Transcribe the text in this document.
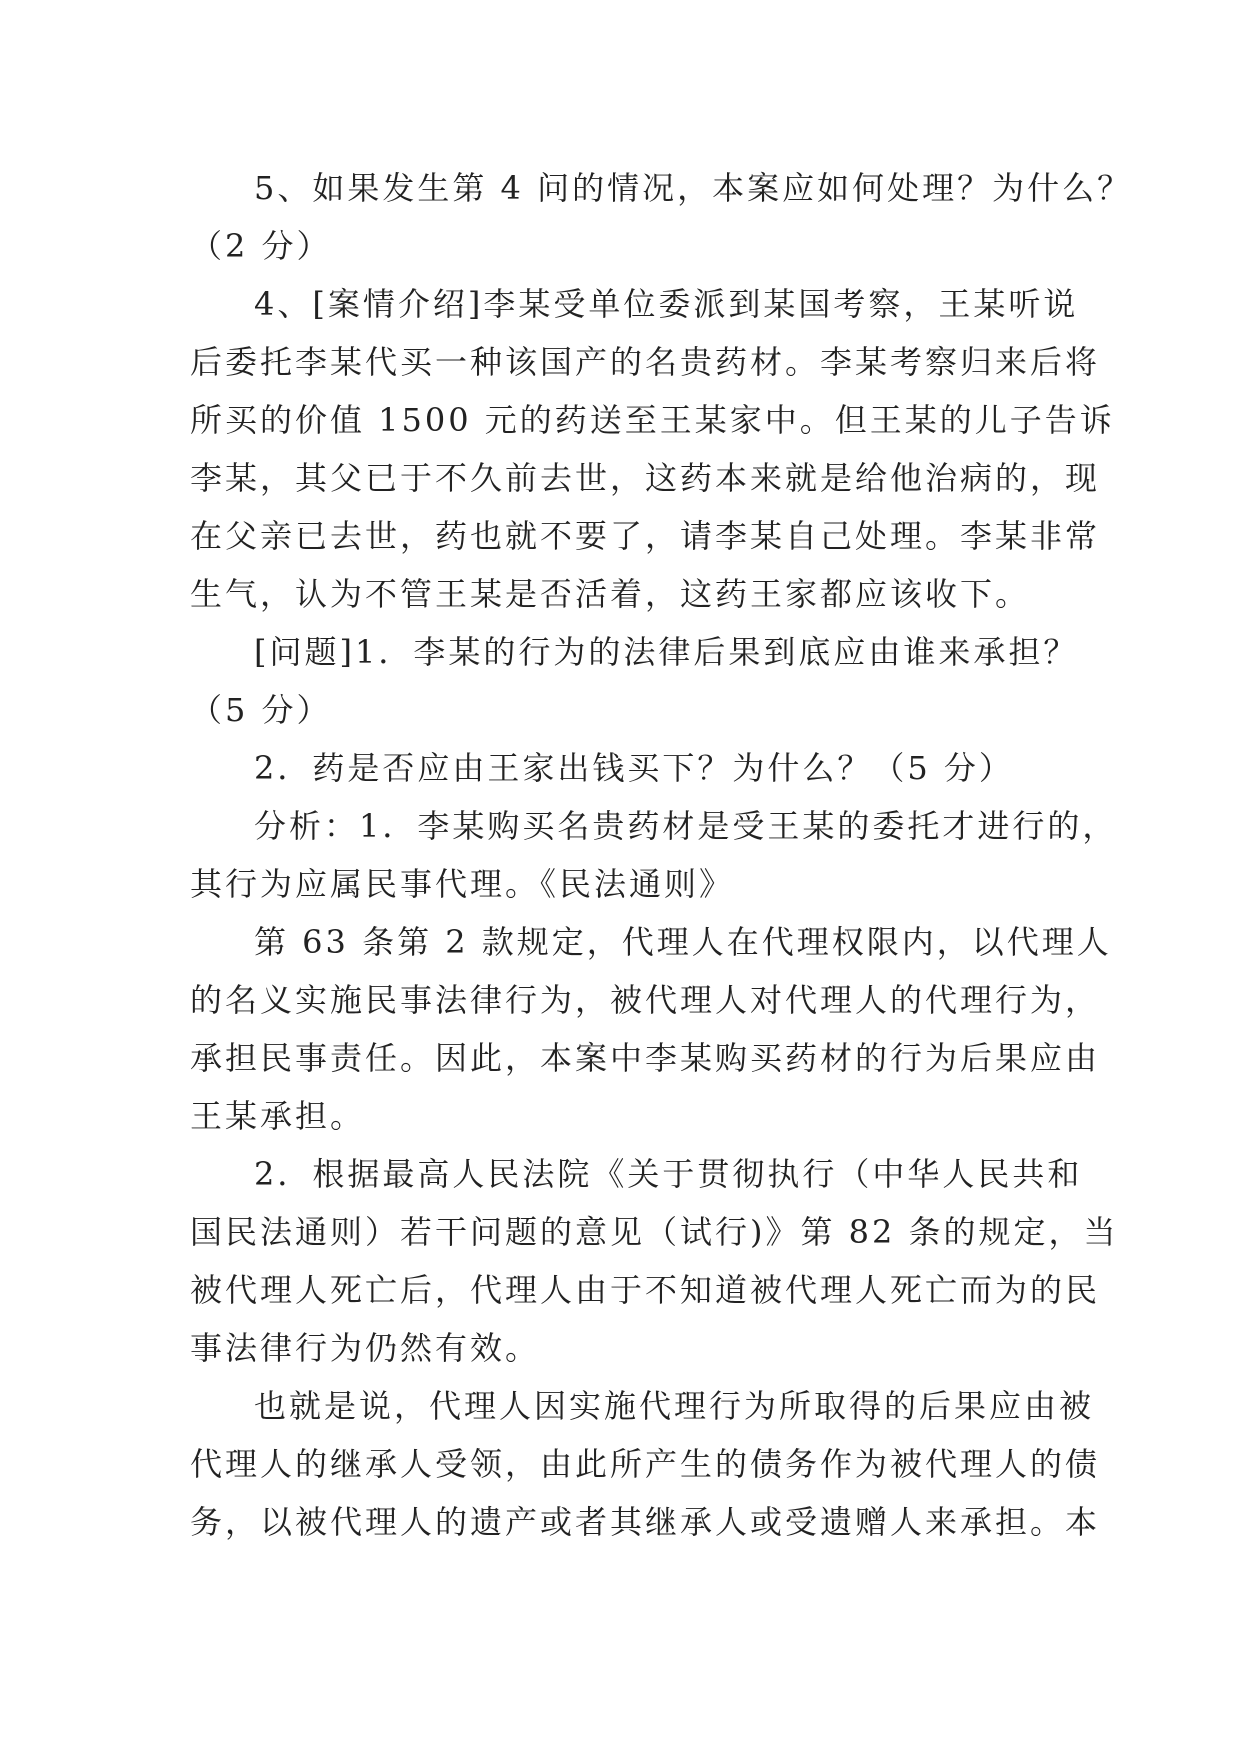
5、如果发生第 4 问的情况，本案应如何处理？为什么？
（2 分）
4、[案情介绍]李某受单位委派到某国考察，王某听说
后委托李某代买一种该国产的名贵药材。李某考察归来后将
所买的价值 1500 元的药送至王某家中。但王某的儿子告诉
李某，其父已于不久前去世，这药本来就是给他治病的，现
在父亲已去世，药也就不要了，请李某自己处理。李某非常
生气，认为不管王某是否活着，这药王家都应该收下。
[问题]1．李某的行为的法律后果到底应由谁来承担？
（5 分）
2．药是否应由王家出钱买下？为什么？（5 分）
分析：1．李某购买名贵药材是受王某的委托才进行的，
其行为应属民事代理。《民法通则》
第 63 条第 2 款规定，代理人在代理权限内，以代理人
的名义实施民事法律行为，被代理人对代理人的代理行为，
承担民事责任。因此，本案中李某购买药材的行为后果应由
王某承担。
2．根据最高人民法院《关于贯彻执行（中华人民共和
国民法通则）若干问题的意见（试行)》第 82 条的规定，当
被代理人死亡后，代理人由于不知道被代理人死亡而为的民
事法律行为仍然有效。
也就是说，代理人因实施代理行为所取得的后果应由被
代理人的继承人受领，由此所产生的债务作为被代理人的债
务，以被代理人的遗产或者其继承人或受遗赠人来承担。本
